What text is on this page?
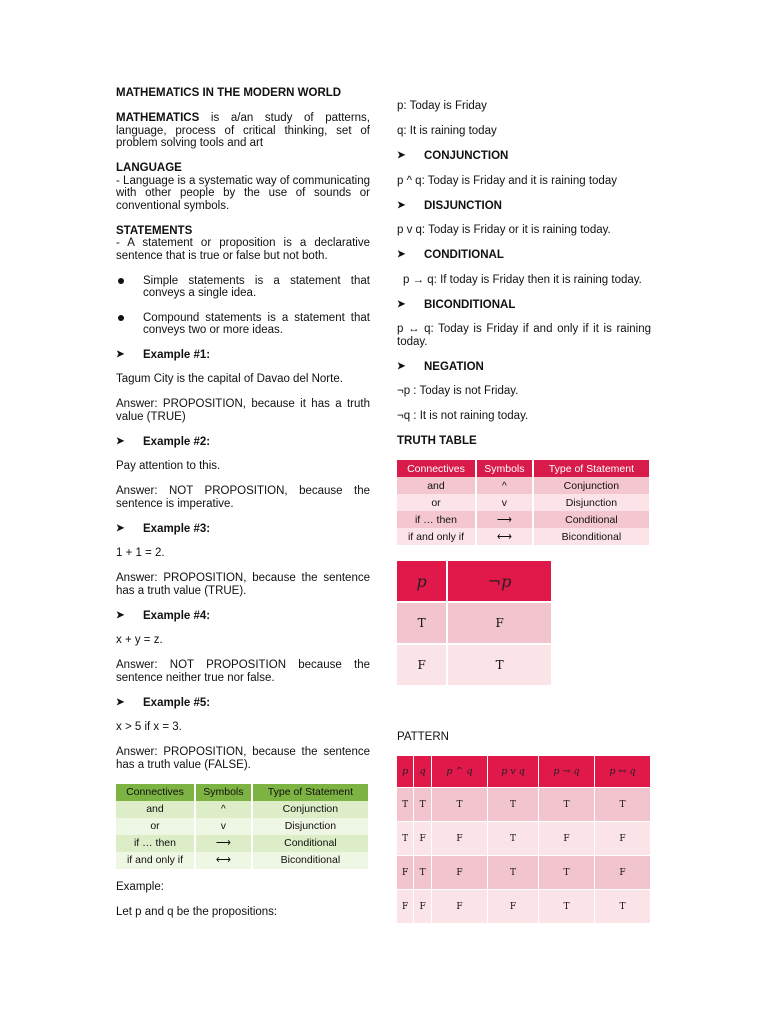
MATHEMATICS IN THE MODERN WORLD

MATHEMATICS is a/an study of patterns, language, process of critical thinking, set of problem solving tools and art

LANGUAGE

- Language is a systematic way of communicating with other people by the use of sounds or conventional symbols.

STATEMENTS

- A statement or proposition is a declarative sentence that is true or false but not both.

Simple statements is a statement that conveys a single idea.

Compound statements is a statement that conveys two or more ideas.

➤ Example #1:

Tagum City is the capital of Davao del Norte.

Answer: PROPOSITION, because it has a truth value (TRUE)

➤ Example #2:

Pay attention to this.

Answer: NOT PROPOSITION, because the sentence is imperative.

➤ Example #3:

1 + 1 = 2.

Answer: PROPOSITION, because the sentence has a truth value (TRUE).

➤ Example #4:

x + y = z.

Answer: NOT PROPOSITION because the sentence neither true nor false.

➤ Example #5:

x > 5 if x = 3.

Answer: PROPOSITION, because the sentence has a truth value (FALSE).

Connectives	Symbols	Type of Statement
and	^	Conjunction
or	v	Disjunction
if … then	⟶	Conditional
if and only if	⟷	Biconditional

Example:

Let p and q be the propositions:

p: Today is Friday

q: It is raining today

➤ CONJUNCTION

p ^ q: Today is Friday and it is raining today

➤ DISJUNCTION

p v q: Today is Friday or it is raining today.

➤ CONDITIONAL

p → q: If today is Friday then it is raining today.

➤ BICONDITIONAL

p ↔ q: Today is Friday if and only if it is raining today.

➤ NEGATION

¬p : Today is not Friday.

¬q : It is not raining today.

TRUTH TABLE

Connectives	Symbols	Type of Statement
and	^	Conjunction
or	v	Disjunction
if … then	⟶	Conditional
if and only if	⟷	Biconditional
p	¬p
T	F
F	T

PATTERN

p	q	p ^ q	p v q	p → q	p ↔ q
T	T	T	T	T	T
T	F	F	T	F	F
F	T	F	T	T	F
F	F	F	F	T	T
